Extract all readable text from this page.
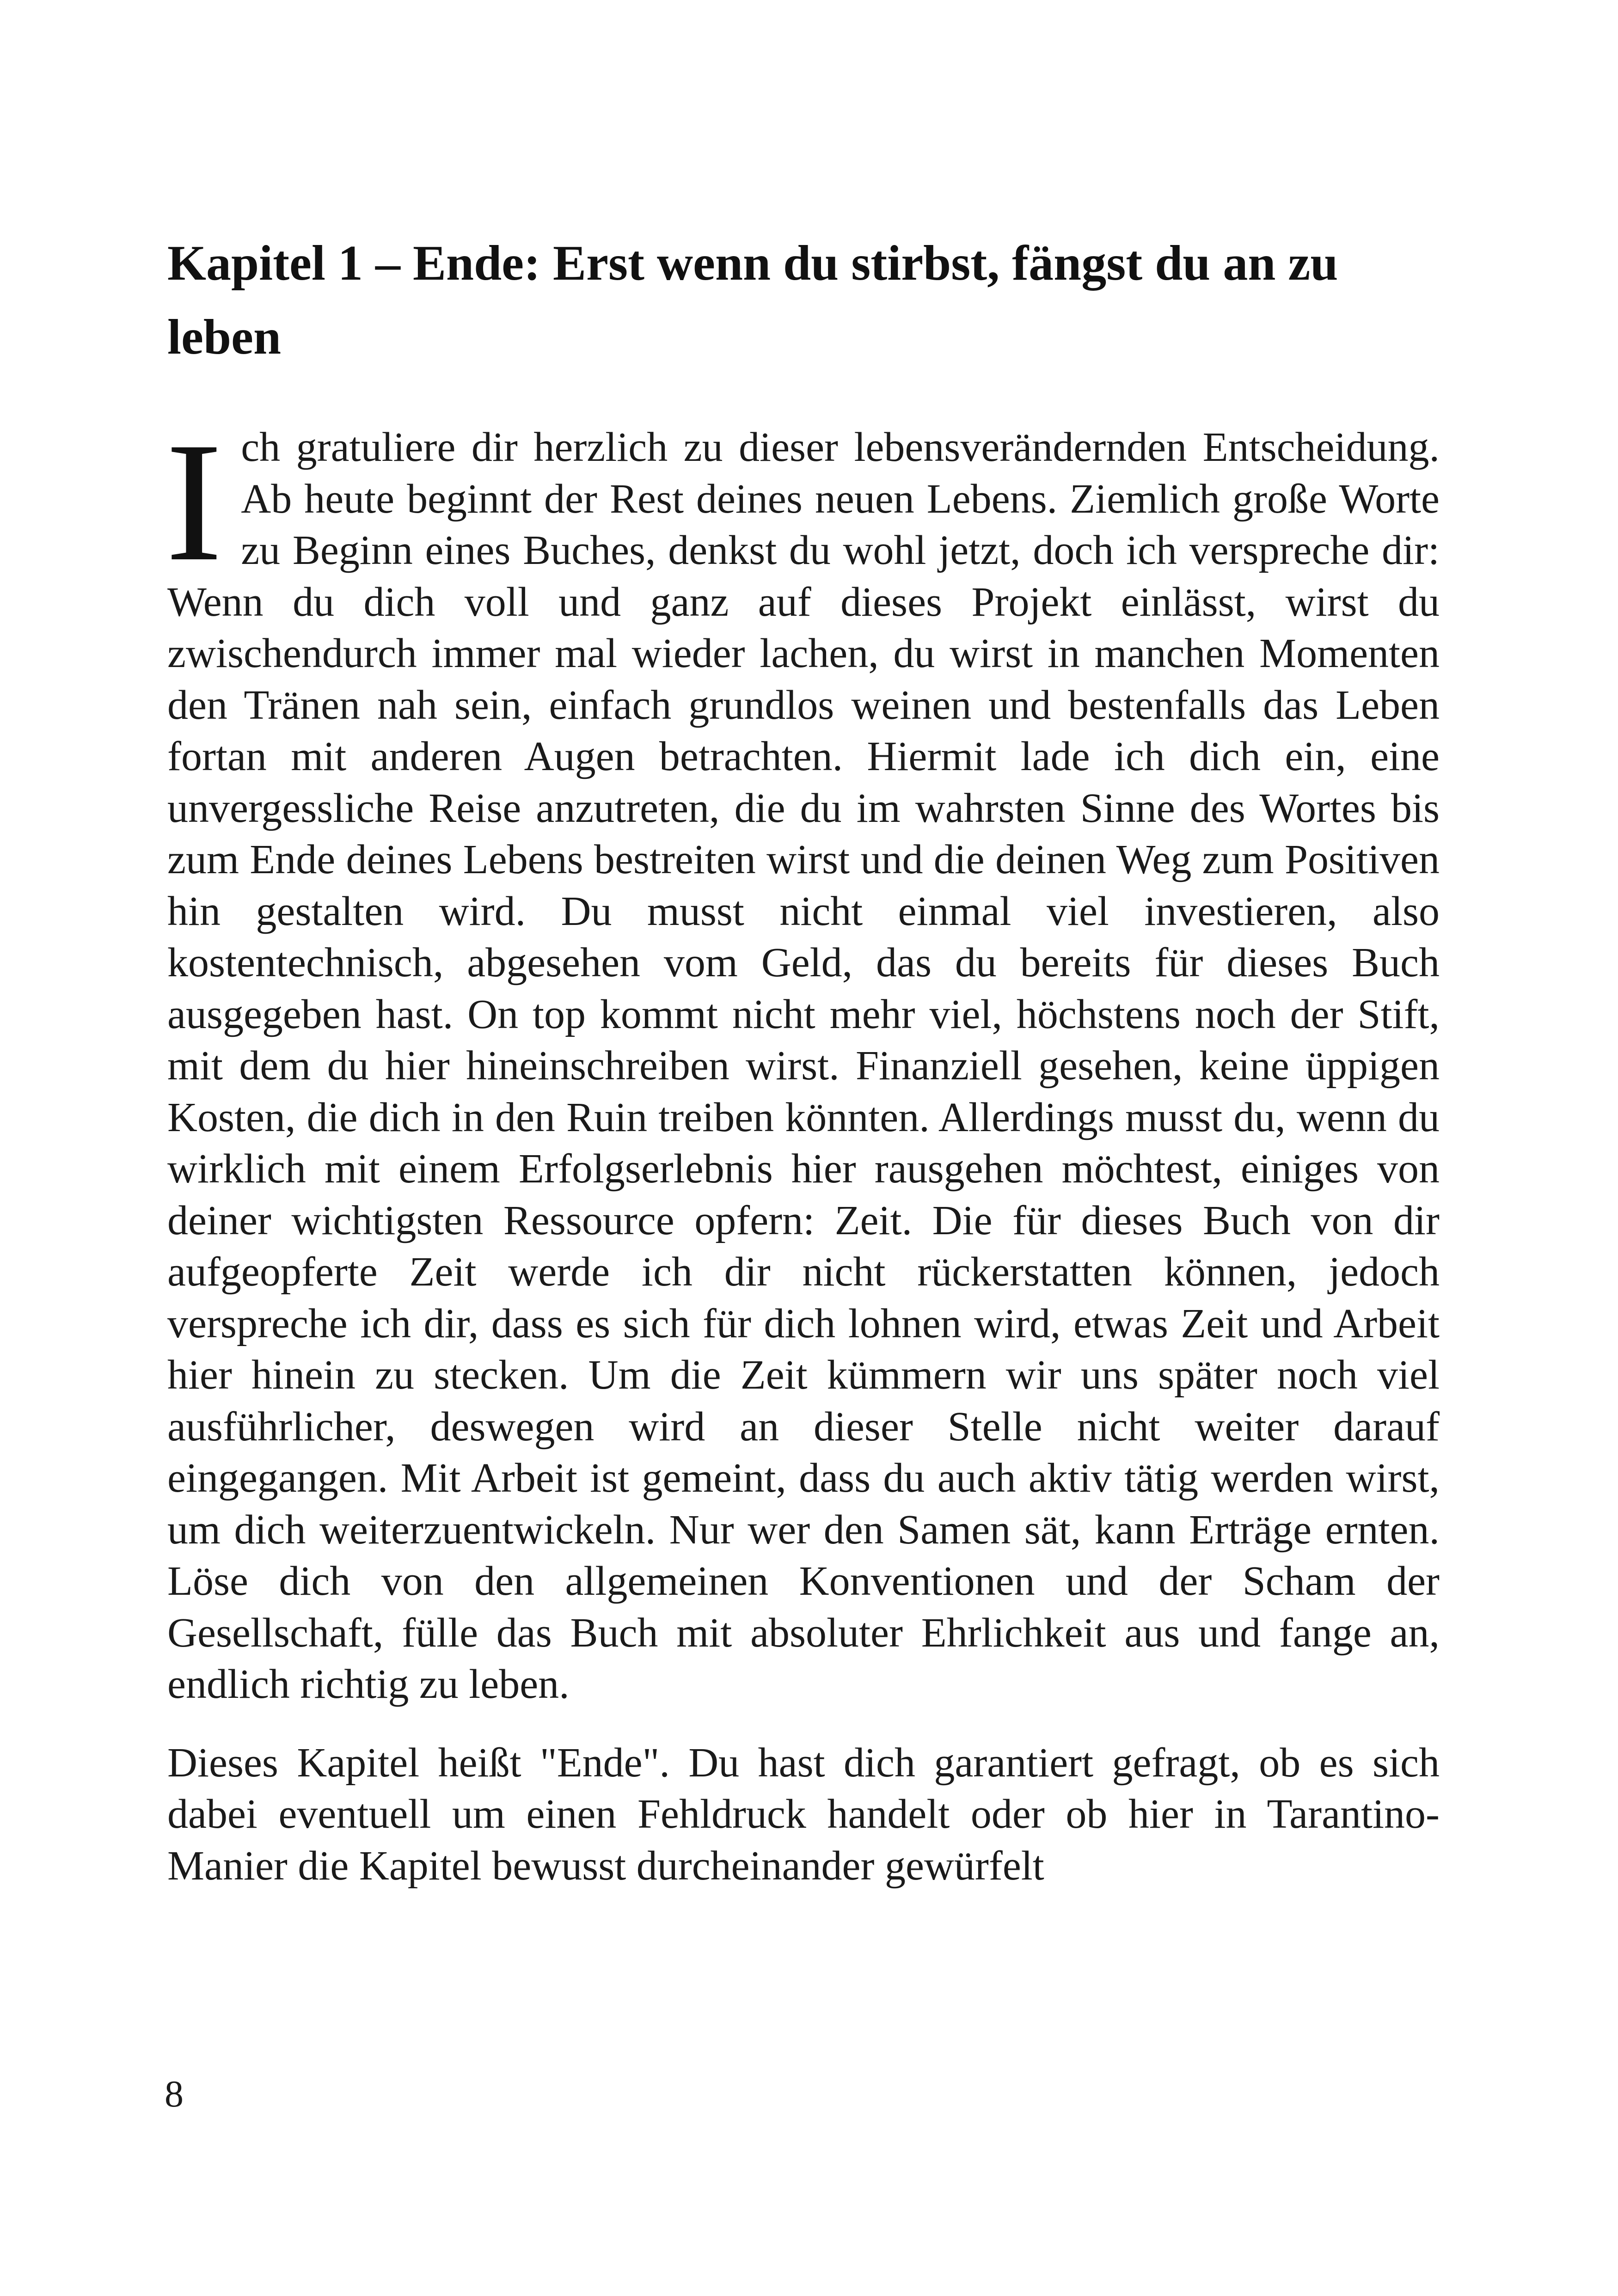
Kapitel 1 – Ende: Erst wenn du stirbst, fängst du an zu leben

Ich gratuliere dir herzlich zu dieser lebensverändernden Entscheidung. Ab heute beginnt der Rest deines neuen Lebens. Ziemlich große Worte zu Beginn eines Buches, denkst du wohl jetzt, doch ich verspreche dir: Wenn du dich voll und ganz auf dieses Projekt einlässt, wirst du zwischendurch immer mal wieder lachen, du wirst in manchen Momenten den Tränen nah sein, einfach grundlos weinen und bestenfalls das Leben fortan mit anderen Augen betrachten. Hiermit lade ich dich ein, eine unvergessliche Reise anzutreten, die du im wahrsten Sinne des Wortes bis zum Ende deines Lebens bestreiten wirst und die deinen Weg zum Positiven hin gestalten wird. Du musst nicht einmal viel investieren, also kostentechnisch, abgesehen vom Geld, das du bereits für dieses Buch ausgegeben hast. On top kommt nicht mehr viel, höchstens noch der Stift, mit dem du hier hineinschreiben wirst. Finanziell gesehen, keine üppigen Kosten, die dich in den Ruin treiben könnten. Allerdings musst du, wenn du wirklich mit einem Erfolgserlebnis hier rausgehen möchtest, einiges von deiner wichtigsten Ressource opfern: Zeit. Die für dieses Buch von dir aufgeopferte Zeit werde ich dir nicht rückerstatten können, jedoch verspreche ich dir, dass es sich für dich lohnen wird, etwas Zeit und Arbeit hier hinein zu stecken. Um die Zeit kümmern wir uns später noch viel ausführlicher, deswegen wird an dieser Stelle nicht weiter darauf eingegangen. Mit Arbeit ist gemeint, dass du auch aktiv tätig werden wirst, um dich weiterzuentwickeln. Nur wer den Samen sät, kann Erträge ernten. Löse dich von den allgemeinen Konventionen und der Scham der Gesellschaft, fülle das Buch mit absoluter Ehrlichkeit aus und fange an, endlich richtig zu leben.

Dieses Kapitel heißt "Ende". Du hast dich garantiert gefragt, ob es sich dabei eventuell um einen Fehldruck handelt oder ob hier in Tarantino-Manier die Kapitel bewusst durcheinander gewürfelt

8
